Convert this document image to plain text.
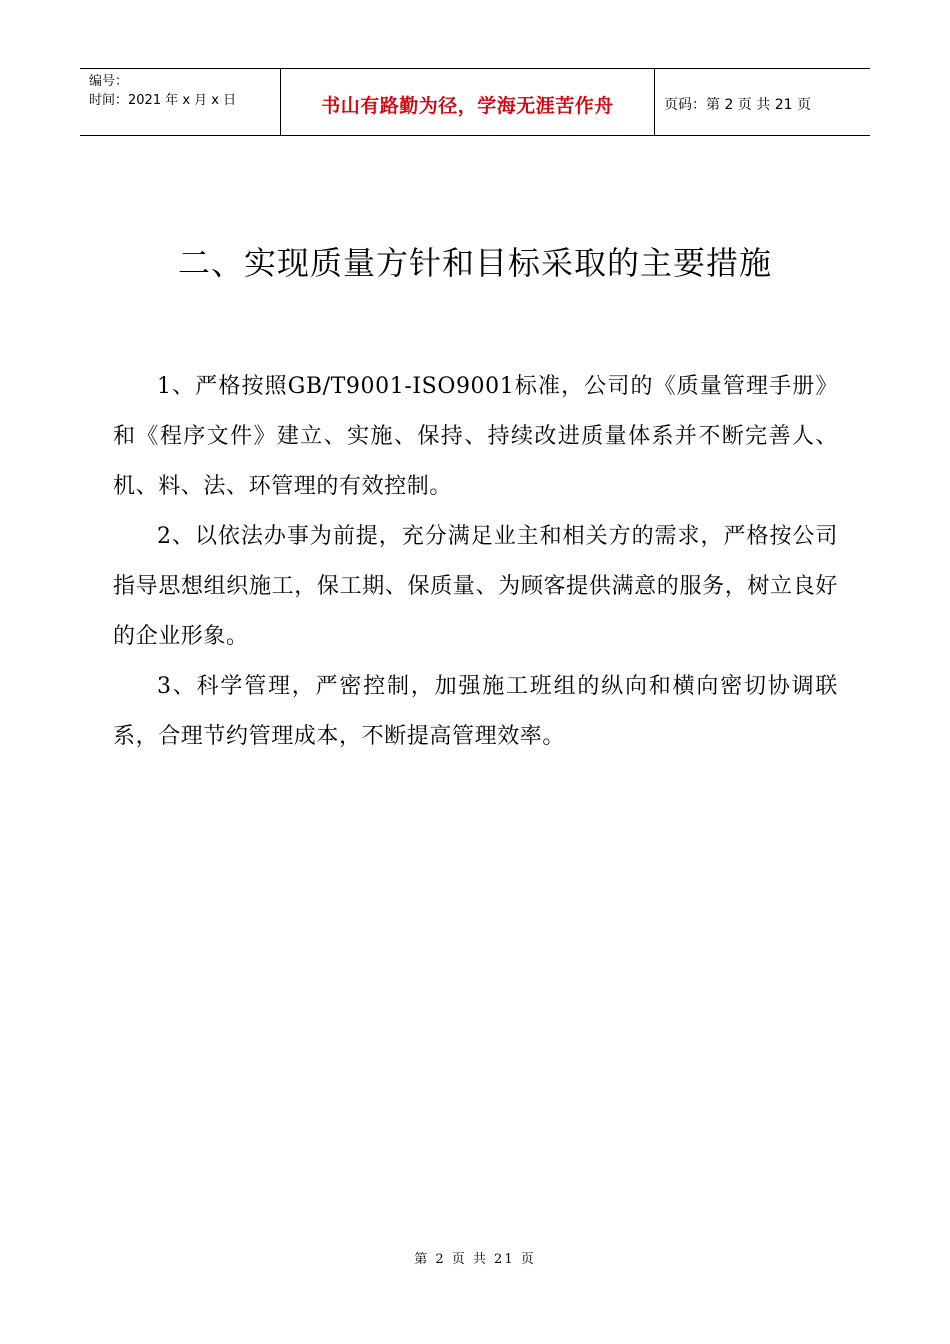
编号：
时间：2021 年 x 月 x 日	书山有路勤为径，学海无涯苦作舟	页码：第 2 页 共 21 页
二、实现质量方针和目标采取的主要措施

1、严格按照GB/T9001-ISO9001标准，公司的《质量管理手册》和《程序文件》建立、实施、保持、持续改进质量体系并不断完善人、机、料、法、环管理的有效控制。

2、以依法办事为前提，充分满足业主和相关方的需求，严格按公司指导思想组织施工，保工期、保质量、为顾客提供满意的服务，树立良好的企业形象。

3、科学管理，严密控制，加强施工班组的纵向和横向密切协调联系，合理节约管理成本，不断提高管理效率。

第 2 页 共 21 页
